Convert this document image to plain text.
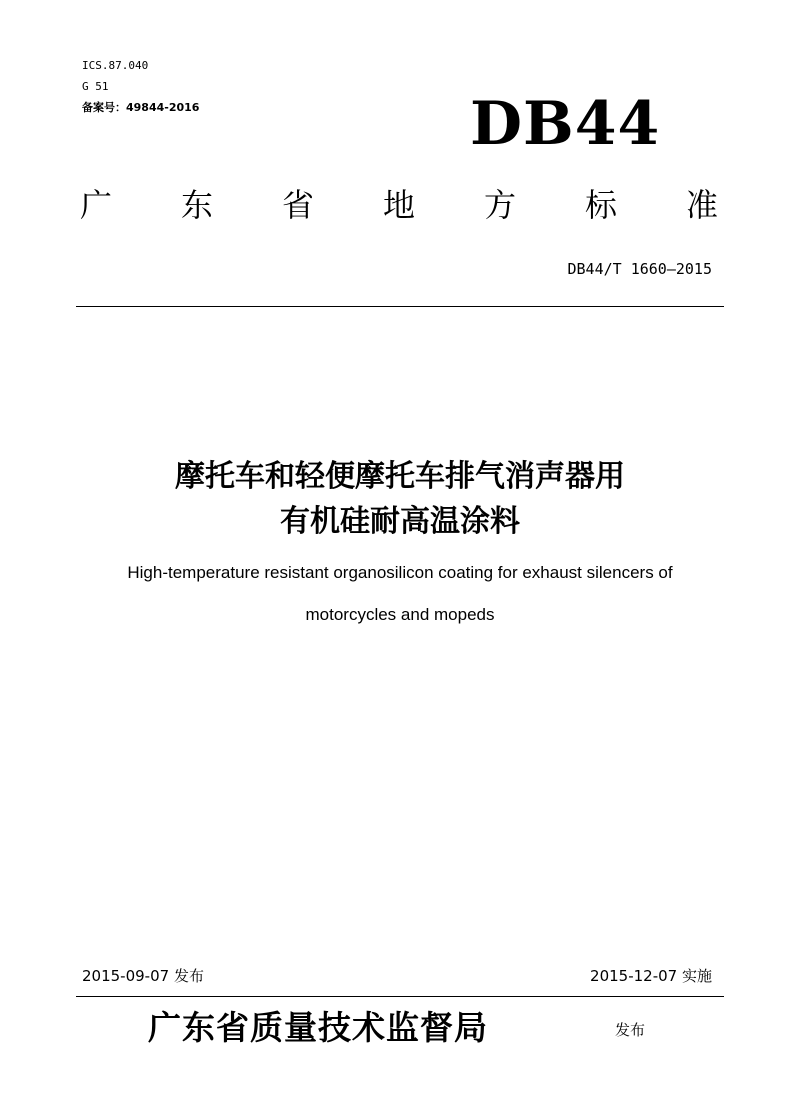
ICS.87.040
G 51
备案号：49844-2016	DB44
广 东 省 地 方 标 准
DB44/T 1660—2015
摩托车和轻便摩托车排气消声器用
有机硅耐高温涂料
High-temperature resistant organosilicon coating for exhaust silencers of
motorcycles and mopeds
2015-09-07 发布	2015-12-07 实施
广东省质量技术监督局	发布
